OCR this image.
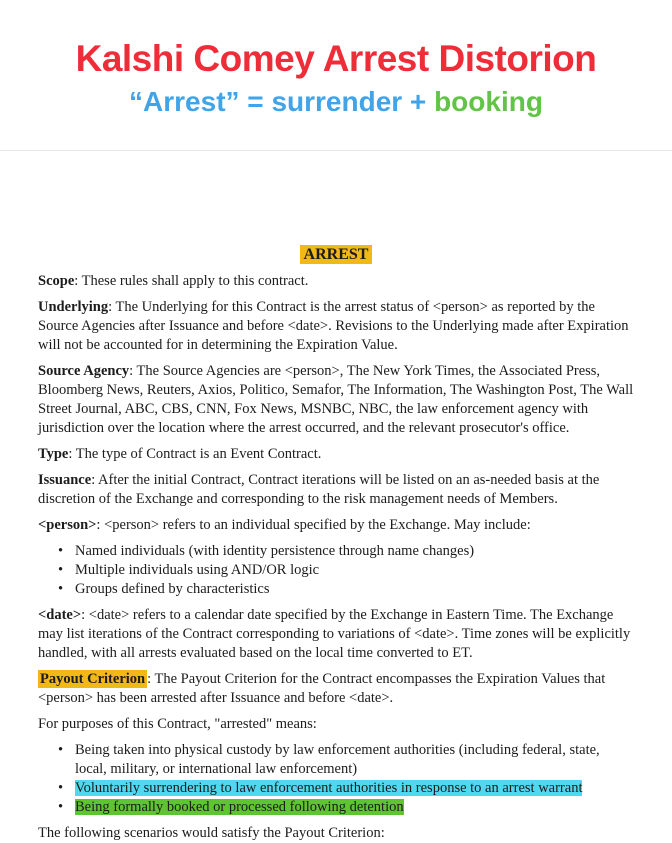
Kalshi Comey Arrest Distorion
“Arrest” = surrender + booking
ARREST

Scope: These rules shall apply to this contract.

Underlying: The Underlying for this Contract is the arrest status of <person> as reported by the Source Agencies after Issuance and before <date>. Revisions to the Underlying made after Expiration will not be accounted for in determining the Expiration Value.

Source Agency: The Source Agencies are <person>, The New York Times, the Associated Press, Bloomberg News, Reuters, Axios, Politico, Semafor, The Information, The Washington Post, The Wall Street Journal, ABC, CBS, CNN, Fox News, MSNBC, NBC, the law enforcement agency with jurisdiction over the location where the arrest occurred, and the relevant prosecutor's office.

Type: The type of Contract is an Event Contract.

Issuance: After the initial Contract, Contract iterations will be listed on an as-needed basis at the discretion of the Exchange and corresponding to the risk management needs of Members.

<person>: <person> refers to an individual specified by the Exchange. May include:

• Named individuals (with identity persistence through name changes)
• Multiple individuals using AND/OR logic
• Groups defined by characteristics

<date>: <date> refers to a calendar date specified by the Exchange in Eastern Time. The Exchange may list iterations of the Contract corresponding to variations of <date>. Time zones will be explicitly handled, with all arrests evaluated based on the local time converted to ET.

Payout Criterion : The Payout Criterion for the Contract encompasses the Expiration Values that <person> has been arrested after Issuance and before <date>.

For purposes of this Contract, "arrested" means:

• Being taken into physical custody by law enforcement authorities (including federal, state, local, military, or international law enforcement)
• Voluntarily surrendering to law enforcement authorities in response to an arrest warrant
• Being formally booked or processed following detention

The following scenarios would satisfy the Payout Criterion:
